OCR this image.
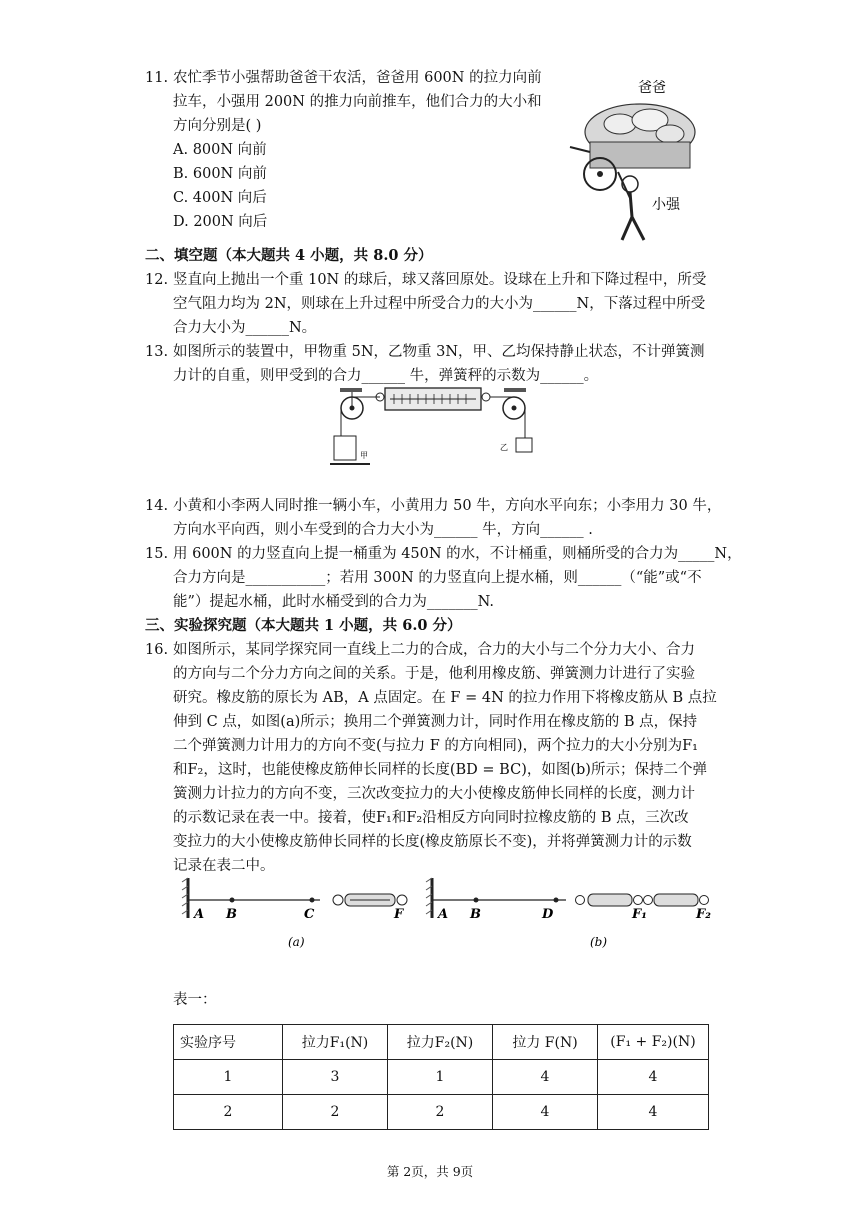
11. 农忙季节小强帮助爸爸干农活，爸爸用 600N 的拉力向前
拉车，小强用 200N 的推力向前推车，他们合力的大小和
方向分别是( )
A. 800N 向前
B. 600N 向前
C. 400N 向后
D. 200N 向后
爸爸
小强
二、填空题（本大题共 4 小题，共 8.0 分）
12. 竖直向上抛出一个重 10N 的球后，球又落回原处。设球在上升和下降过程中，所受
空气阻力均为 2N，则球在上升过程中所受合力的大小为______N，下落过程中所受
合力大小为______N。
13. 如图所示的装置中，甲物重 5N，乙物重 3N，甲、乙均保持静止状态，不计弹簧测
力计的自重，则甲受到的合力______ 牛，弹簧秤的示数为______。
甲
乙
14. 小黄和小李两人同时推一辆小车，小黄用力 50 牛，方向水平向东；小李用力 30 牛，
方向水平向西，则小车受到的合力大小为______ 牛，方向______ .
15. 用 600N 的力竖直向上提一桶重为 450N 的水，不计桶重，则桶所受的合力为_____N，
合力方向是___________；若用 300N 的力竖直向上提水桶，则______（“能”或“不
能”）提起水桶，此时水桶受到的合力为_______N.
三、实验探究题（本大题共 1 小题，共 6.0 分）
16. 如图所示，某同学探究同一直线上二力的合成，合力的大小与二个分力大小、合力
的方向与二个分力方向之间的关系。于是，他利用橡皮筋、弹簧测力计进行了实验
研究。橡皮筋的原长为 AB，A 点固定。在 F = 4N 的拉力作用下将橡皮筋从 B 点拉
伸到 C 点，如图(a)所示；换用二个弹簧测力计，同时作用在橡皮筋的 B 点，保持
二个弹簧测力计用力的方向不变(与拉力 F 的方向相同)，两个拉力的大小分别为F₁
和F₂，这时，也能使橡皮筋伸长同样的长度(BD = BC)，如图(b)所示；保持二个弹
簧测力计拉力的方向不变，三次改变拉力的大小使橡皮筋伸长同样的长度，测力计
的示数记录在表一中。接着，使F₁和F₂沿相反方向同时拉橡皮筋的 B 点，三次改
变拉力的大小使橡皮筋伸长同样的长度(橡皮筋原长不变)，并将弹簧测力计的示数
记录在表二中。
A B	C	F
(a)
A B	D	F₁	F₂
(b)
表一：
实验序号	拉力F₁(N)	拉力F₂(N)	拉力 F(N)	(F₁ + F₂)(N)
1	3	1	4	4
2	2	2	4	4
第 2页，共 9页
